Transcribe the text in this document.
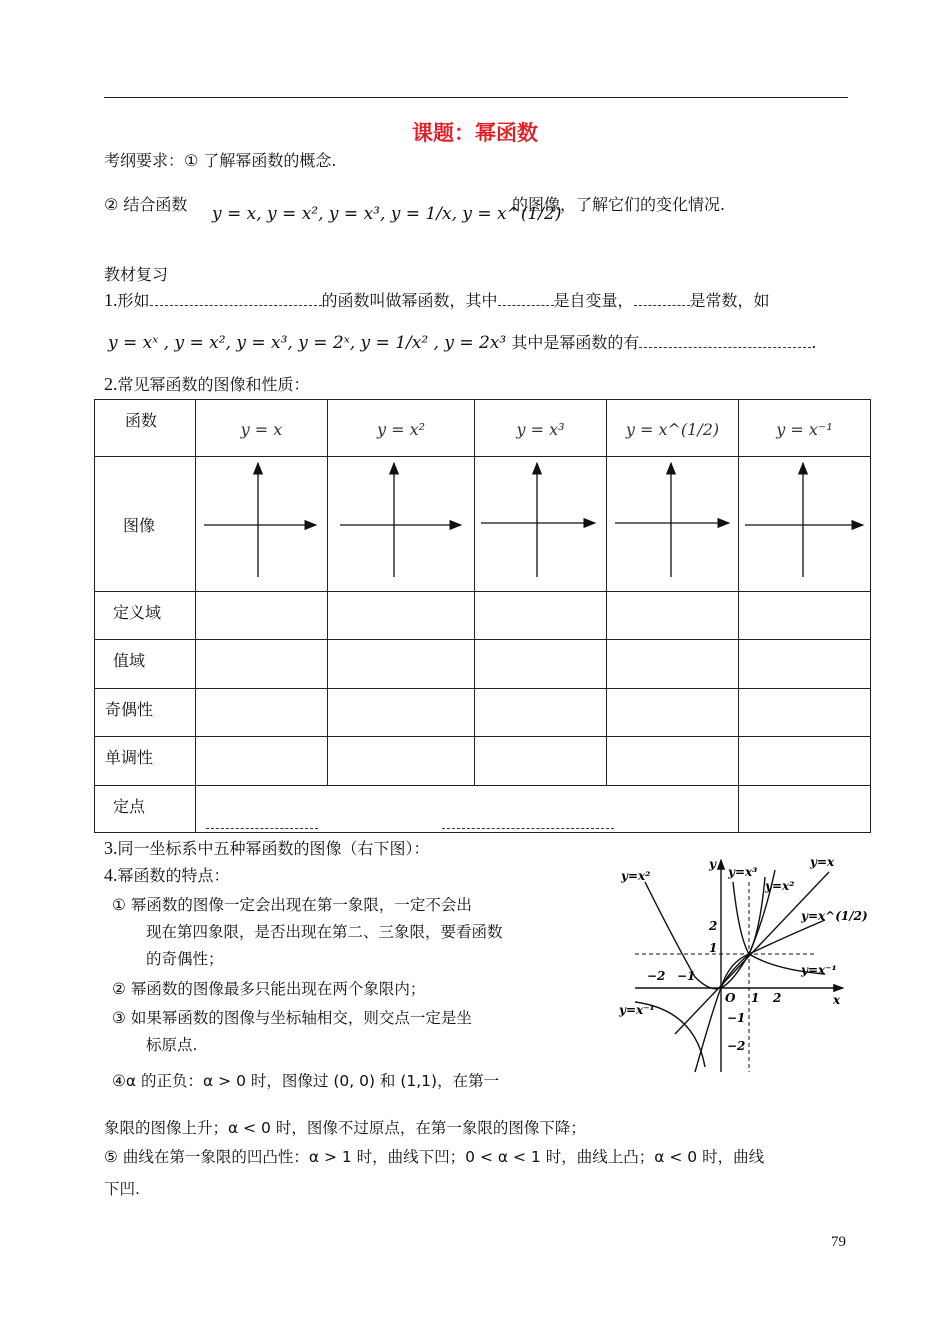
课题：幂函数
考纲要求：① 了解幂函数的概念.
② 结合函数 y = x, y = x², y = x³, y = 1/x, y = x^(1/2)
的图像，了解它们的变化情况.
教材复习
1.形如	的函数叫做幂函数，其中	是自变量，	是常数，如
y = xˣ , y = x², y = x³, y = 2ˣ, y = 1/x² , y = 2x³ 其中是幂函数的有	.
2.常见幂函数的图像和性质：
函数	y = x	y = x²	y = x³	y = x^(1/2)	y = x⁻¹
图像	

定义域					
值域					
奇偶性					
单调性					
定点				

3.同一坐标系中五种幂函数的图像（右下图）：
4.幂函数的特点：
① 幂函数的图像一定会出现在第一象限，一定不会出
现在第四象限，是否出现在第二、三象限，要看函数
的奇偶性；
② 幂函数的图像最多只能出现在两个象限内；
③ 如果幂函数的图像与坐标轴相交，则交点一定是坐
标原点.
④α 的正负：α > 0 时，图像过 (0, 0) 和 (1,1)，在第一
象限的图像上升；α < 0 时，图像不过原点，在第一象限的图像下降；
⑤ 曲线在第一象限的凹凸性：α > 1 时，曲线下凹；0 < α < 1 时，曲线上凸；α < 0 时，曲线
下凹.
y=x²	y=x³
y=x
y=x²
y=x^(1/2)
y=x⁻¹
y=x⁻¹
y
x
O
2
1
−2 −1
1 2
−1
−2
79
